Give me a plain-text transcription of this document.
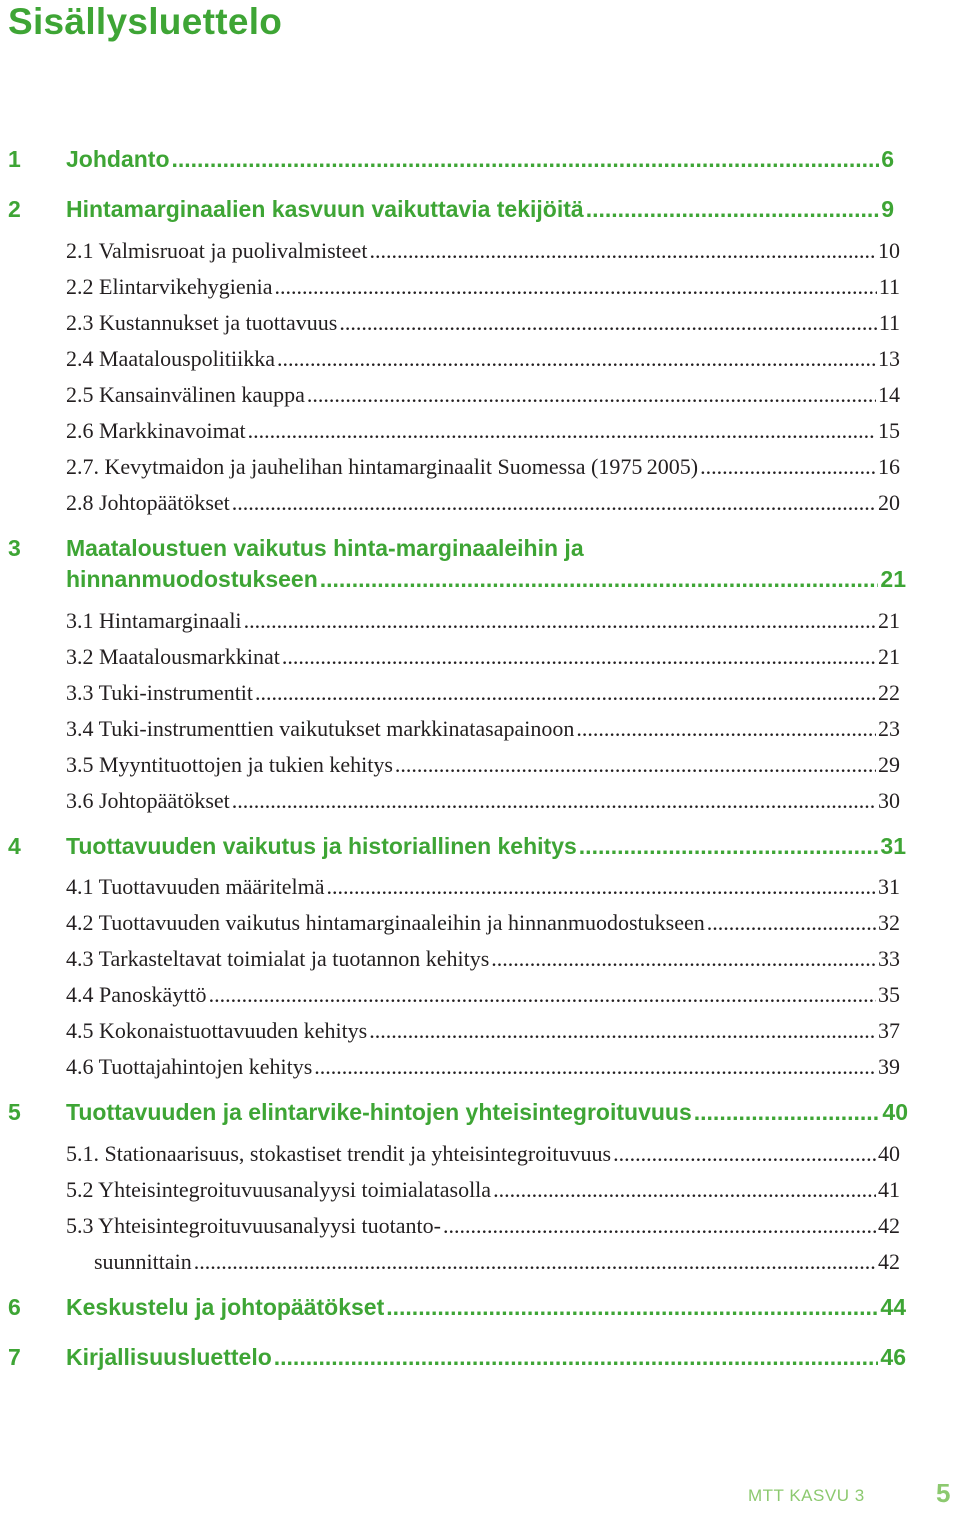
Sisällysluettelo
1	Johdanto .....	6
2	Hintamarginaalien kasvuun vaikuttavia tekijöitä .....	9
2.1 Valmisruoat ja puolivalmisteet .....	10
2.2 Elintarvikehygienia .....	11
2.3 Kustannukset ja tuottavuus .....	11
2.4 Maatalouspolitiikka .....	13
2.5 Kansainvälinen kauppa .....	14
2.6 Markkinavoimat .....	15
2.7. Kevytmaidon ja jauhelihan hintamarginaalit Suomessa (1975 2005) .....	16
2.8 Johtopäätökset .....	20
3	Maataloustuen vaikutus hinta-marginaaleihin ja
hinnanmuodostukseen .....	21
3.1 Hintamarginaali .....	21
3.2 Maatalousmarkkinat .....	21
3.3 Tuki-instrumentit .....	22
3.4 Tuki-instrumenttien vaikutukset markkinatasapainoon .....	23
3.5 Myyntituottojen ja tukien kehitys .....	29
3.6 Johtopäätökset .....	30
4	Tuottavuuden vaikutus ja historiallinen kehitys .....	31
4.1 Tuottavuuden määritelmä .....	31
4.2 Tuottavuuden vaikutus hintamarginaaleihin ja hinnanmuodostukseen .....	32
4.3 Tarkasteltavat toimialat ja tuotannon kehitys .....	33
4.4 Panoskäyttö .....	35
4.5 Kokonaistuottavuuden kehitys .....	37
4.6 Tuottajahintojen kehitys .....	39
5	Tuottavuuden ja elintarvike-hintojen yhteisintegroituvuus .....	40
5.1. Stationaarisuus, stokastiset trendit ja yhteisintegroituvuus .....	40
5.2 Yhteisintegroituvuusanalyysi toimialatasolla .....	41
5.3 Yhteisintegroituvuusanalyysi tuotanto- .....	42
suunnittain .....	42
6	Keskustelu ja johtopäätökset .....	44
7	Kirjallisuusluettelo .....	46
MTT KASVU 3	5
